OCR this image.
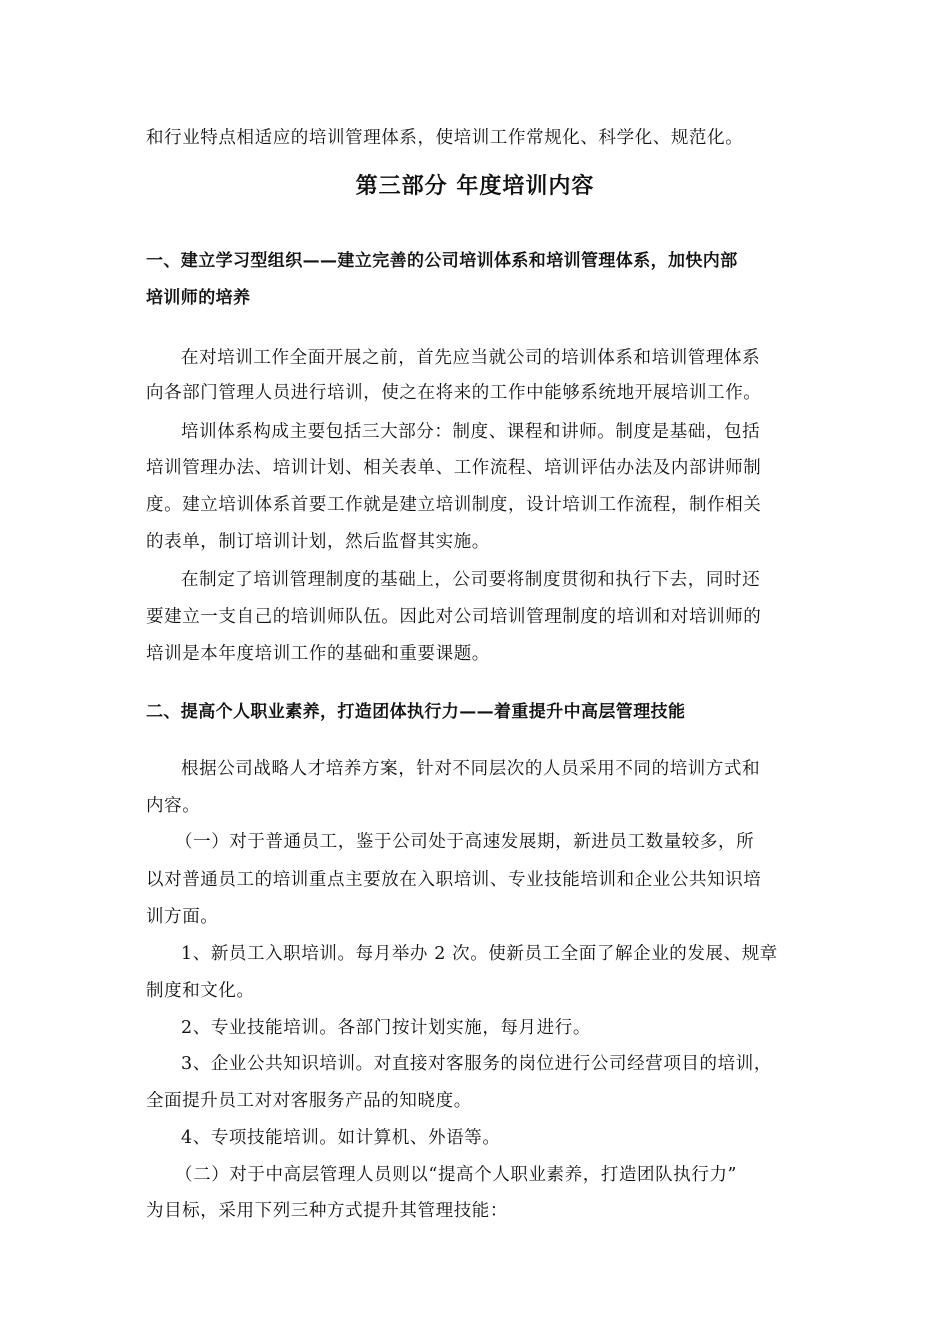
和行业特点相适应的培训管理体系，使培训工作常规化、科学化、规范化。
第三部分 年度培训内容
一、建立学习型组织——建立完善的公司培训体系和培训管理体系，加快内部
培训师的培养
在对培训工作全面开展之前，首先应当就公司的培训体系和培训管理体系
向各部门管理人员进行培训，使之在将来的工作中能够系统地开展培训工作。
培训体系构成主要包括三大部分：制度、课程和讲师。制度是基础，包括
培训管理办法、培训计划、相关表单、工作流程、培训评估办法及内部讲师制
度。建立培训体系首要工作就是建立培训制度，设计培训工作流程，制作相关
的表单，制订培训计划，然后监督其实施。
在制定了培训管理制度的基础上，公司要将制度贯彻和执行下去，同时还
要建立一支自己的培训师队伍。因此对公司培训管理制度的培训和对培训师的
培训是本年度培训工作的基础和重要课题。
二、提高个人职业素养，打造团体执行力——着重提升中高层管理技能
根据公司战略人才培养方案，针对不同层次的人员采用不同的培训方式和
内容。
（一）对于普通员工，鉴于公司处于高速发展期，新进员工数量较多，所
以对普通员工的培训重点主要放在入职培训、专业技能培训和企业公共知识培
训方面。
1、新员工入职培训。每月举办 2 次。使新员工全面了解企业的发展、规章
制度和文化。
2、专业技能培训。各部门按计划实施，每月进行。
3、企业公共知识培训。对直接对客服务的岗位进行公司经营项目的培训，
全面提升员工对对客服务产品的知晓度。
4、专项技能培训。如计算机、外语等。
（二）对于中高层管理人员则以“提高个人职业素养，打造团队执行力”
为目标，采用下列三种方式提升其管理技能：
